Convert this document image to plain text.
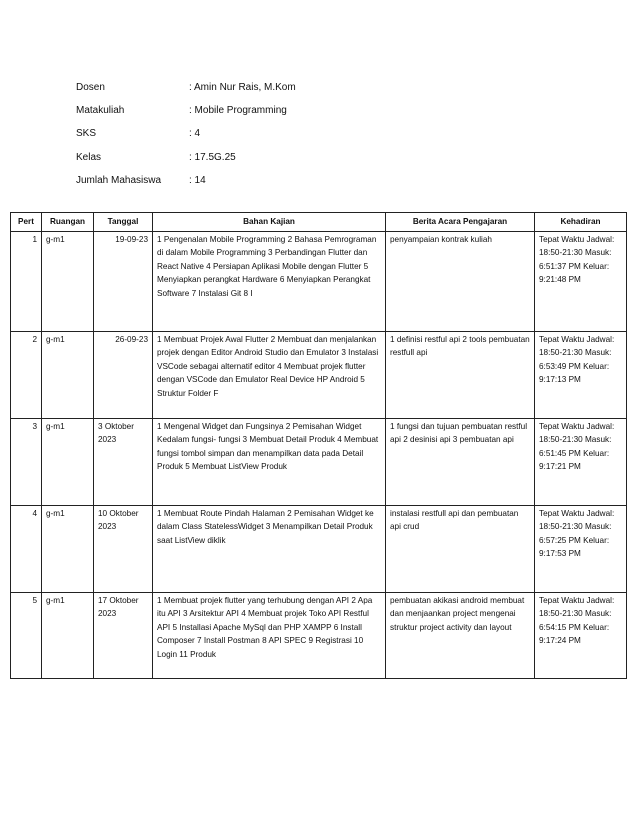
Dosen	: Amin Nur Rais, M.Kom
Matakuliah	: Mobile Programming
SKS	: 4
Kelas	: 17.5G.25
Jumlah Mahasiswa	: 14
Pert	Ruangan	Tanggal	Bahan Kajian	Berita Acara Pengajaran	Kehadiran
1	g-m1	19-09-23	1 Pengenalan Mobile Programming 2 Bahasa Pemrograman di dalam Mobile Programming 3 Perbandingan Flutter dan React Native 4 Persiapan Aplikasi Mobile dengan Flutter 5 Menyiapkan perangkat Hardware 6 Menyiapkan Perangkat Software 7 Instalasi Git 8 I	penyampaian kontrak kuliah	Tepat Waktu Jadwal: 18:50-21:30 Masuk: 6:51:37 PM Keluar: 9:21:48 PM
2	g-m1	26-09-23	1 Membuat Projek Awal Flutter 2 Membuat dan menjalankan projek dengan Editor Android Studio dan Emulator 3 Instalasi VSCode sebagai alternatif editor 4 Membuat projek flutter dengan VSCode dan Emulator Real Device HP Android 5 Struktur Folder F	1 definisi restful api 2 tools pembuatan restfull api	Tepat Waktu Jadwal: 18:50-21:30 Masuk: 6:53:49 PM Keluar: 9:17:13 PM
3	g-m1	3 Oktober 2023	1 Mengenal Widget dan Fungsinya 2 Pemisahan Widget Kedalam fungsi- fungsi 3 Membuat Detail Produk 4 Membuat fungsi tombol simpan dan menampilkan data pada Detail Produk 5 Membuat ListView Produk	1 fungsi dan tujuan pembuatan restful api 2 desinisi api 3 pembuatan api	Tepat Waktu Jadwal: 18:50-21:30 Masuk: 6:51:45 PM Keluar: 9:17:21 PM
4	g-m1	10 Oktober 2023	1 Membuat Route Pindah Halaman 2 Pemisahan Widget ke dalam Class StatelessWidget 3 Menampilkan Detail Produk saat ListView diklik	instalasi restfull api dan pembuatan api crud	Tepat Waktu Jadwal: 18:50-21:30 Masuk: 6:57:25 PM Keluar: 9:17:53 PM
5	g-m1	17 Oktober 2023	1 Membuat projek flutter yang terhubung dengan API 2 Apa itu API 3 Arsitektur API 4 Membuat projek Toko API Restful API 5 Installasi Apache MySql dan PHP XAMPP 6 Install Composer 7 Install Postman 8 API SPEC 9 Registrasi 10 Login 11 Produk	pembuatan akikasi android membuat dan menjaankan project mengenai struktur project activity dan layout	Tepat Waktu Jadwal: 18:50-21:30 Masuk: 6:54:15 PM Keluar: 9:17:24 PM
